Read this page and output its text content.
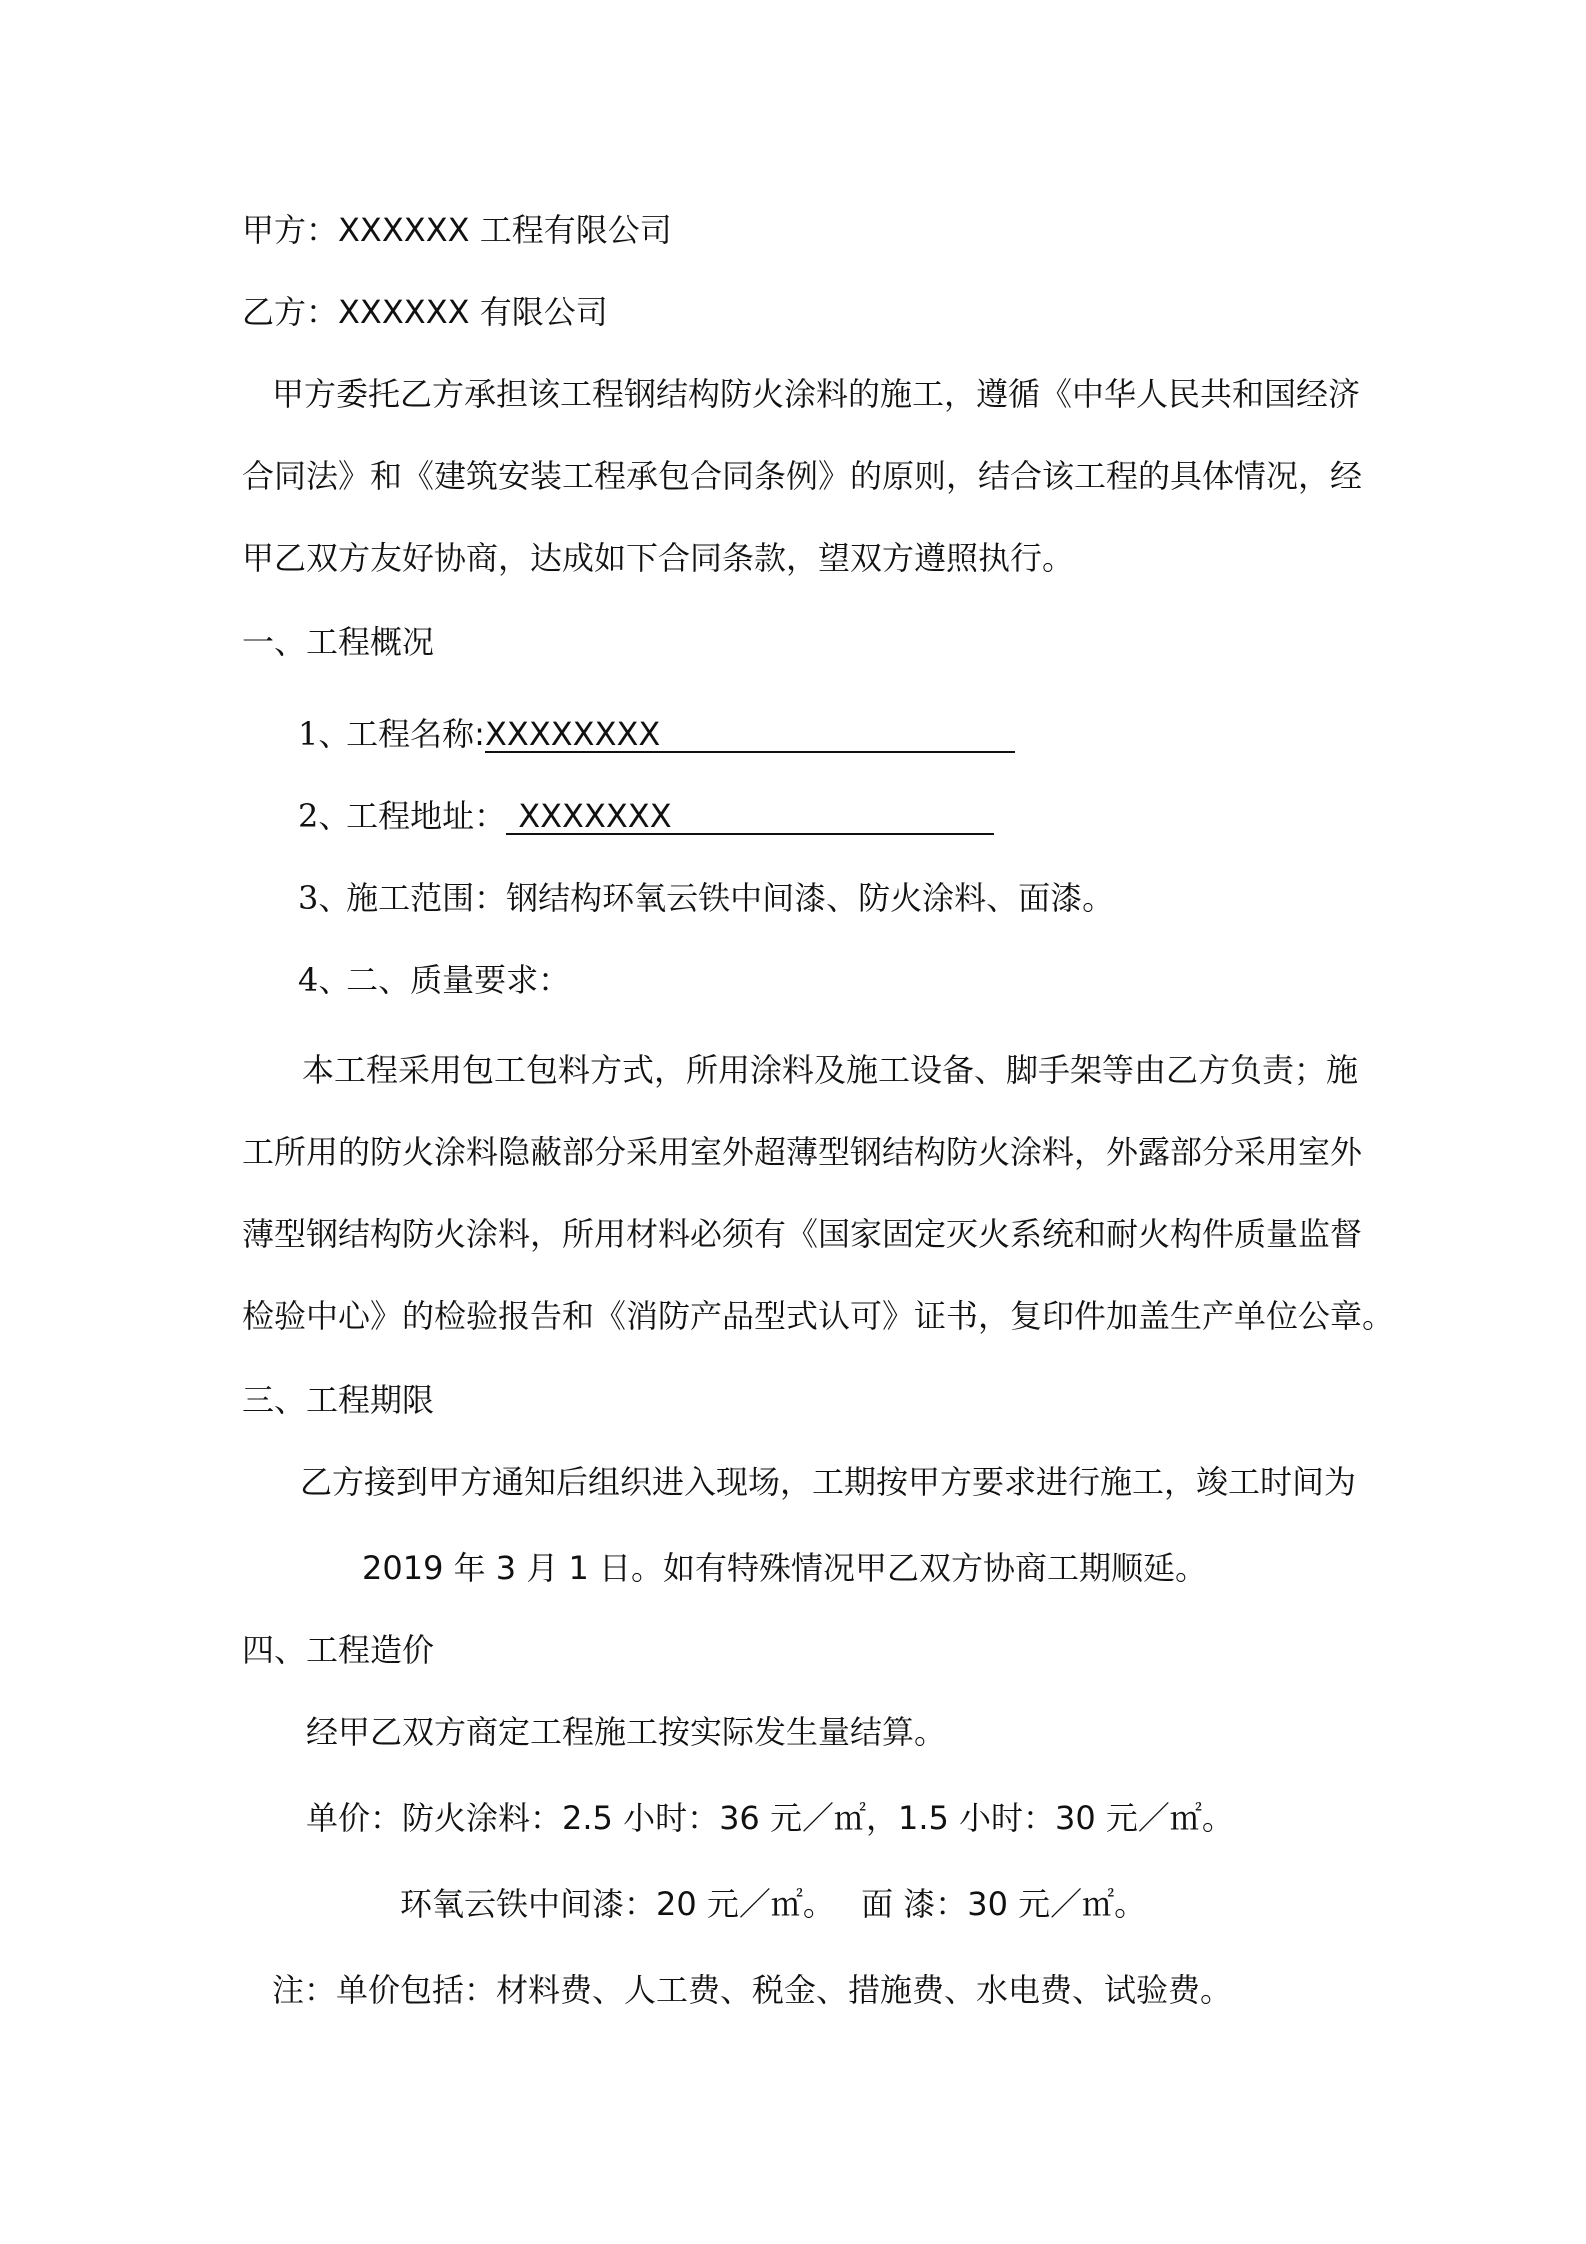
甲方：XXXXXX 工程有限公司
乙方：XXXXXX 有限公司
甲方委托乙方承担该工程钢结构防火涂料的施工，遵循《中华人民共和国经济
合同法》和《建筑安装工程承包合同条例》的原则，结合该工程的具体情况，经
甲乙双方友好协商，达成如下合同条款，望双方遵照执行。
一、工程概况
1、 工程名称:XXXXXXXX
2、 工程地址： XXXXXXX
3、 施工范围：钢结构环氧云铁中间漆、防火涂料、面漆。
4、 二、质量要求：
本工程采用包工包料方式，所用涂料及施工设备、脚手架等由乙方负责；施
工所用的防火涂料隐蔽部分采用室外超薄型钢结构防火涂料，外露部分采用室外
薄型钢结构防火涂料，所用材料必须有《国家固定灭火系统和耐火构件质量监督
检验中心》的检验报告和《消防产品型式认可》证书，复印件加盖生产单位公章。
三、工程期限
乙方接到甲方通知后组织进入现场，工期按甲方要求进行施工，竣工时间为
2019 年 3 月 1 日。如有特殊情况甲乙双方协商工期顺延。
四、工程造价
经甲乙双方商定工程施工按实际发生量结算。
单价：防火涂料：2.5 小时：36 元／㎡，1.5 小时：30 元／㎡。
环氧云铁中间漆：20 元／㎡。　 面 漆：30 元／㎡。
注：单价包括：材料费、人工费、税金、措施费、水电费、试验费。
